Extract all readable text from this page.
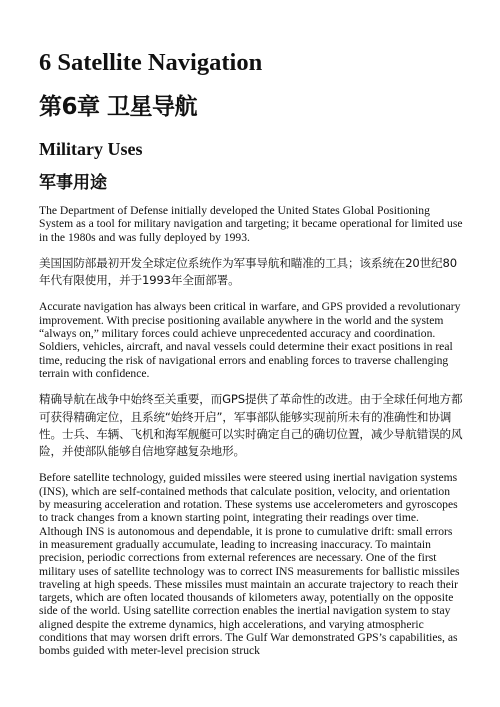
6 Satellite Navigation
第6章 卫星导航
Military Uses
军事用途

The Department of Defense initially developed the United States Global Positioning System as a tool for military navigation and targeting; it became operational for limited use in the 1980s and was fully deployed by 1993.

美国国防部最初开发全球定位系统作为军事导航和瞄准的工具；该系统在20世纪80年代有限使用，并于1993年全面部署。

Accurate navigation has always been critical in warfare, and GPS provided a revolutionary improvement. With precise positioning available anywhere in the world and the system “always on,” military forces could achieve unprecedented accuracy and coordination. Soldiers, vehicles, aircraft, and naval vessels could determine their exact positions in real time, reducing the risk of navigational errors and enabling forces to traverse challenging terrain with confidence.

精确导航在战争中始终至关重要，而GPS提供了革命性的改进。由于全球任何地方都可获得精确定位，且系统“始终开启”，军事部队能够实现前所未有的准确性和协调性。士兵、车辆、飞机和海军舰艇可以实时确定自己的确切位置，减少导航错误的风险，并使部队能够自信地穿越复杂地形。

Before satellite technology, guided missiles were steered using inertial navigation systems (INS), which are self-contained methods that calculate position, velocity, and orientation by measuring acceleration and rotation. These systems use accelerometers and gyroscopes to track changes from a known starting point, integrating their readings over time. Although INS is autonomous and dependable, it is prone to cumulative drift: small errors in measurement gradually accumulate, leading to increasing inaccuracy. To maintain precision, periodic corrections from external references are necessary. One of the first military uses of satellite technology was to correct INS measurements for ballistic missiles traveling at high speeds. These missiles must maintain an accurate trajectory to reach their targets, which are often located thousands of kilometers away, potentially on the opposite side of the world. Using satellite correction enables the inertial navigation system to stay aligned despite the extreme dynamics, high accelerations, and varying atmospheric conditions that may worsen drift errors. The Gulf War demonstrated GPS’s capabilities, as bombs guided with meter-level precision struck
